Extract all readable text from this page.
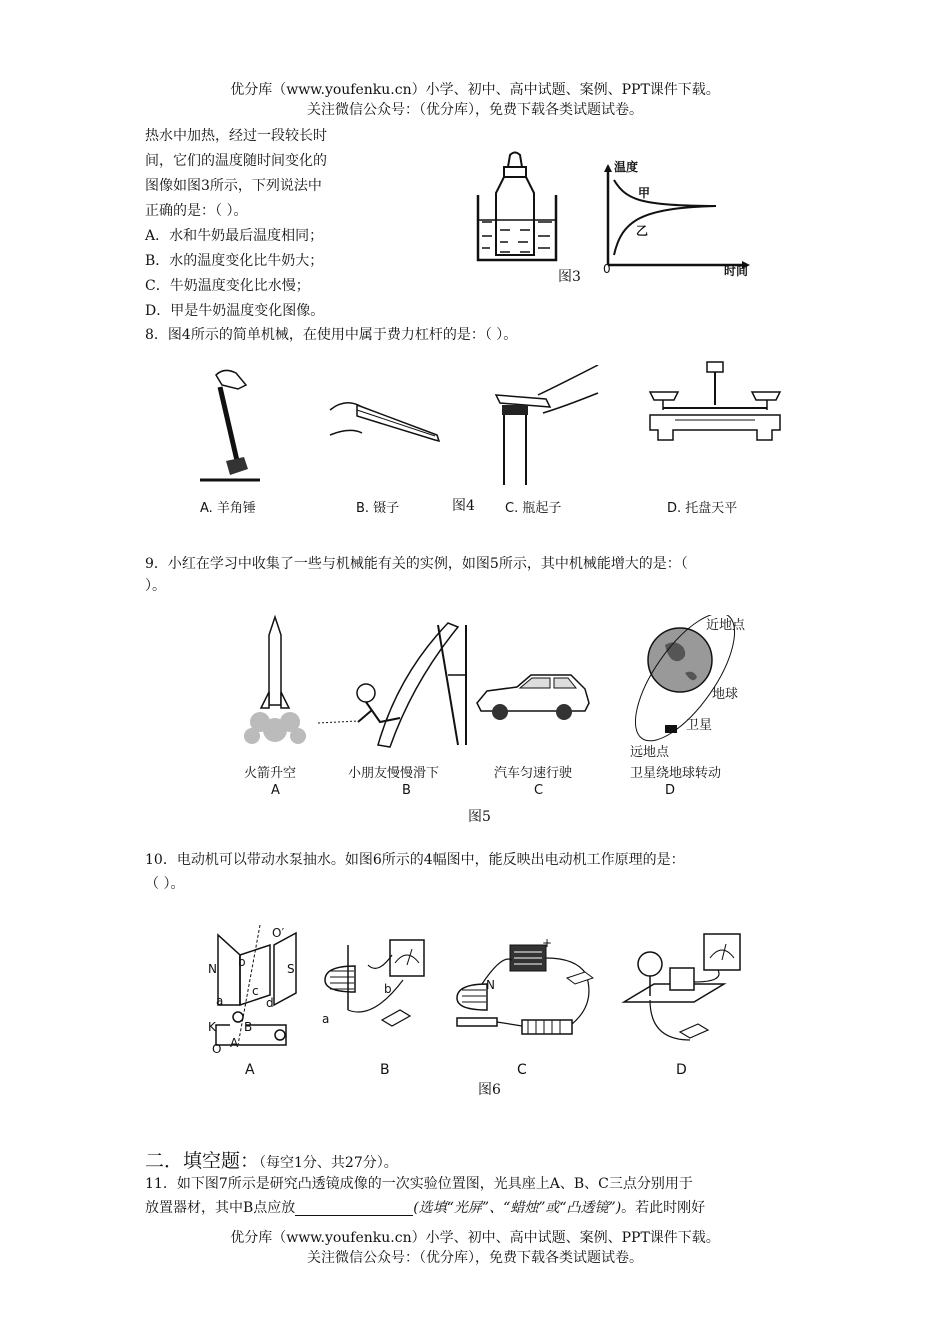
优分库（www.youfenku.cn）小学、初中、高中试题、案例、PPT课件下载。
关注微信公众号：（优分库），免费下载各类试题试卷。
热水中加热，经过一段较长时
间，它们的温度随时间变化的
图像如图3所示，下列说法中
正确的是：（ ）。
A．水和牛奶最后温度相同；
B．水的温度变化比牛奶大；
C．牛奶温度变化比水慢；
D．甲是牛奶温度变化图像。
图3
温度
甲
乙
0	时间
8．图4所示的简单机械，在使用中属于费力杠杆的是：（ ）。
A. 羊角锤	B. 镊子	图4 C. 瓶起子	D. 托盘天平
9．小红在学习中收集了一些与机械能有关的实例，如图5所示，其中机械能增大的是：（
）。
近地点
地球
卫星
远地点
火箭升空	小朋友慢慢滑下	汽车匀速行驶	卫星绕地球转动
A	B	C	D
图5
10．电动机可以带动水泵抽水。如图6所示的4幅图中，能反映出电动机工作原理的是：
（ ）。
O′
N b	S
c
a	d
K B
A
O
a
b	N
+
A	B	C	D
图6
二．填空题：（每空1分、共27分）。
11．如下图7所示是研究凸透镜成像的一次实验位置图，光具座上A、B、C三点分别用于
放置器材，其中B点应放	(选填“光屏”、“蜡烛”或“凸透镜”)。若此时刚好
优分库（www.youfenku.cn）小学、初中、高中试题、案例、PPT课件下载。
关注微信公众号：（优分库），免费下载各类试题试卷。
